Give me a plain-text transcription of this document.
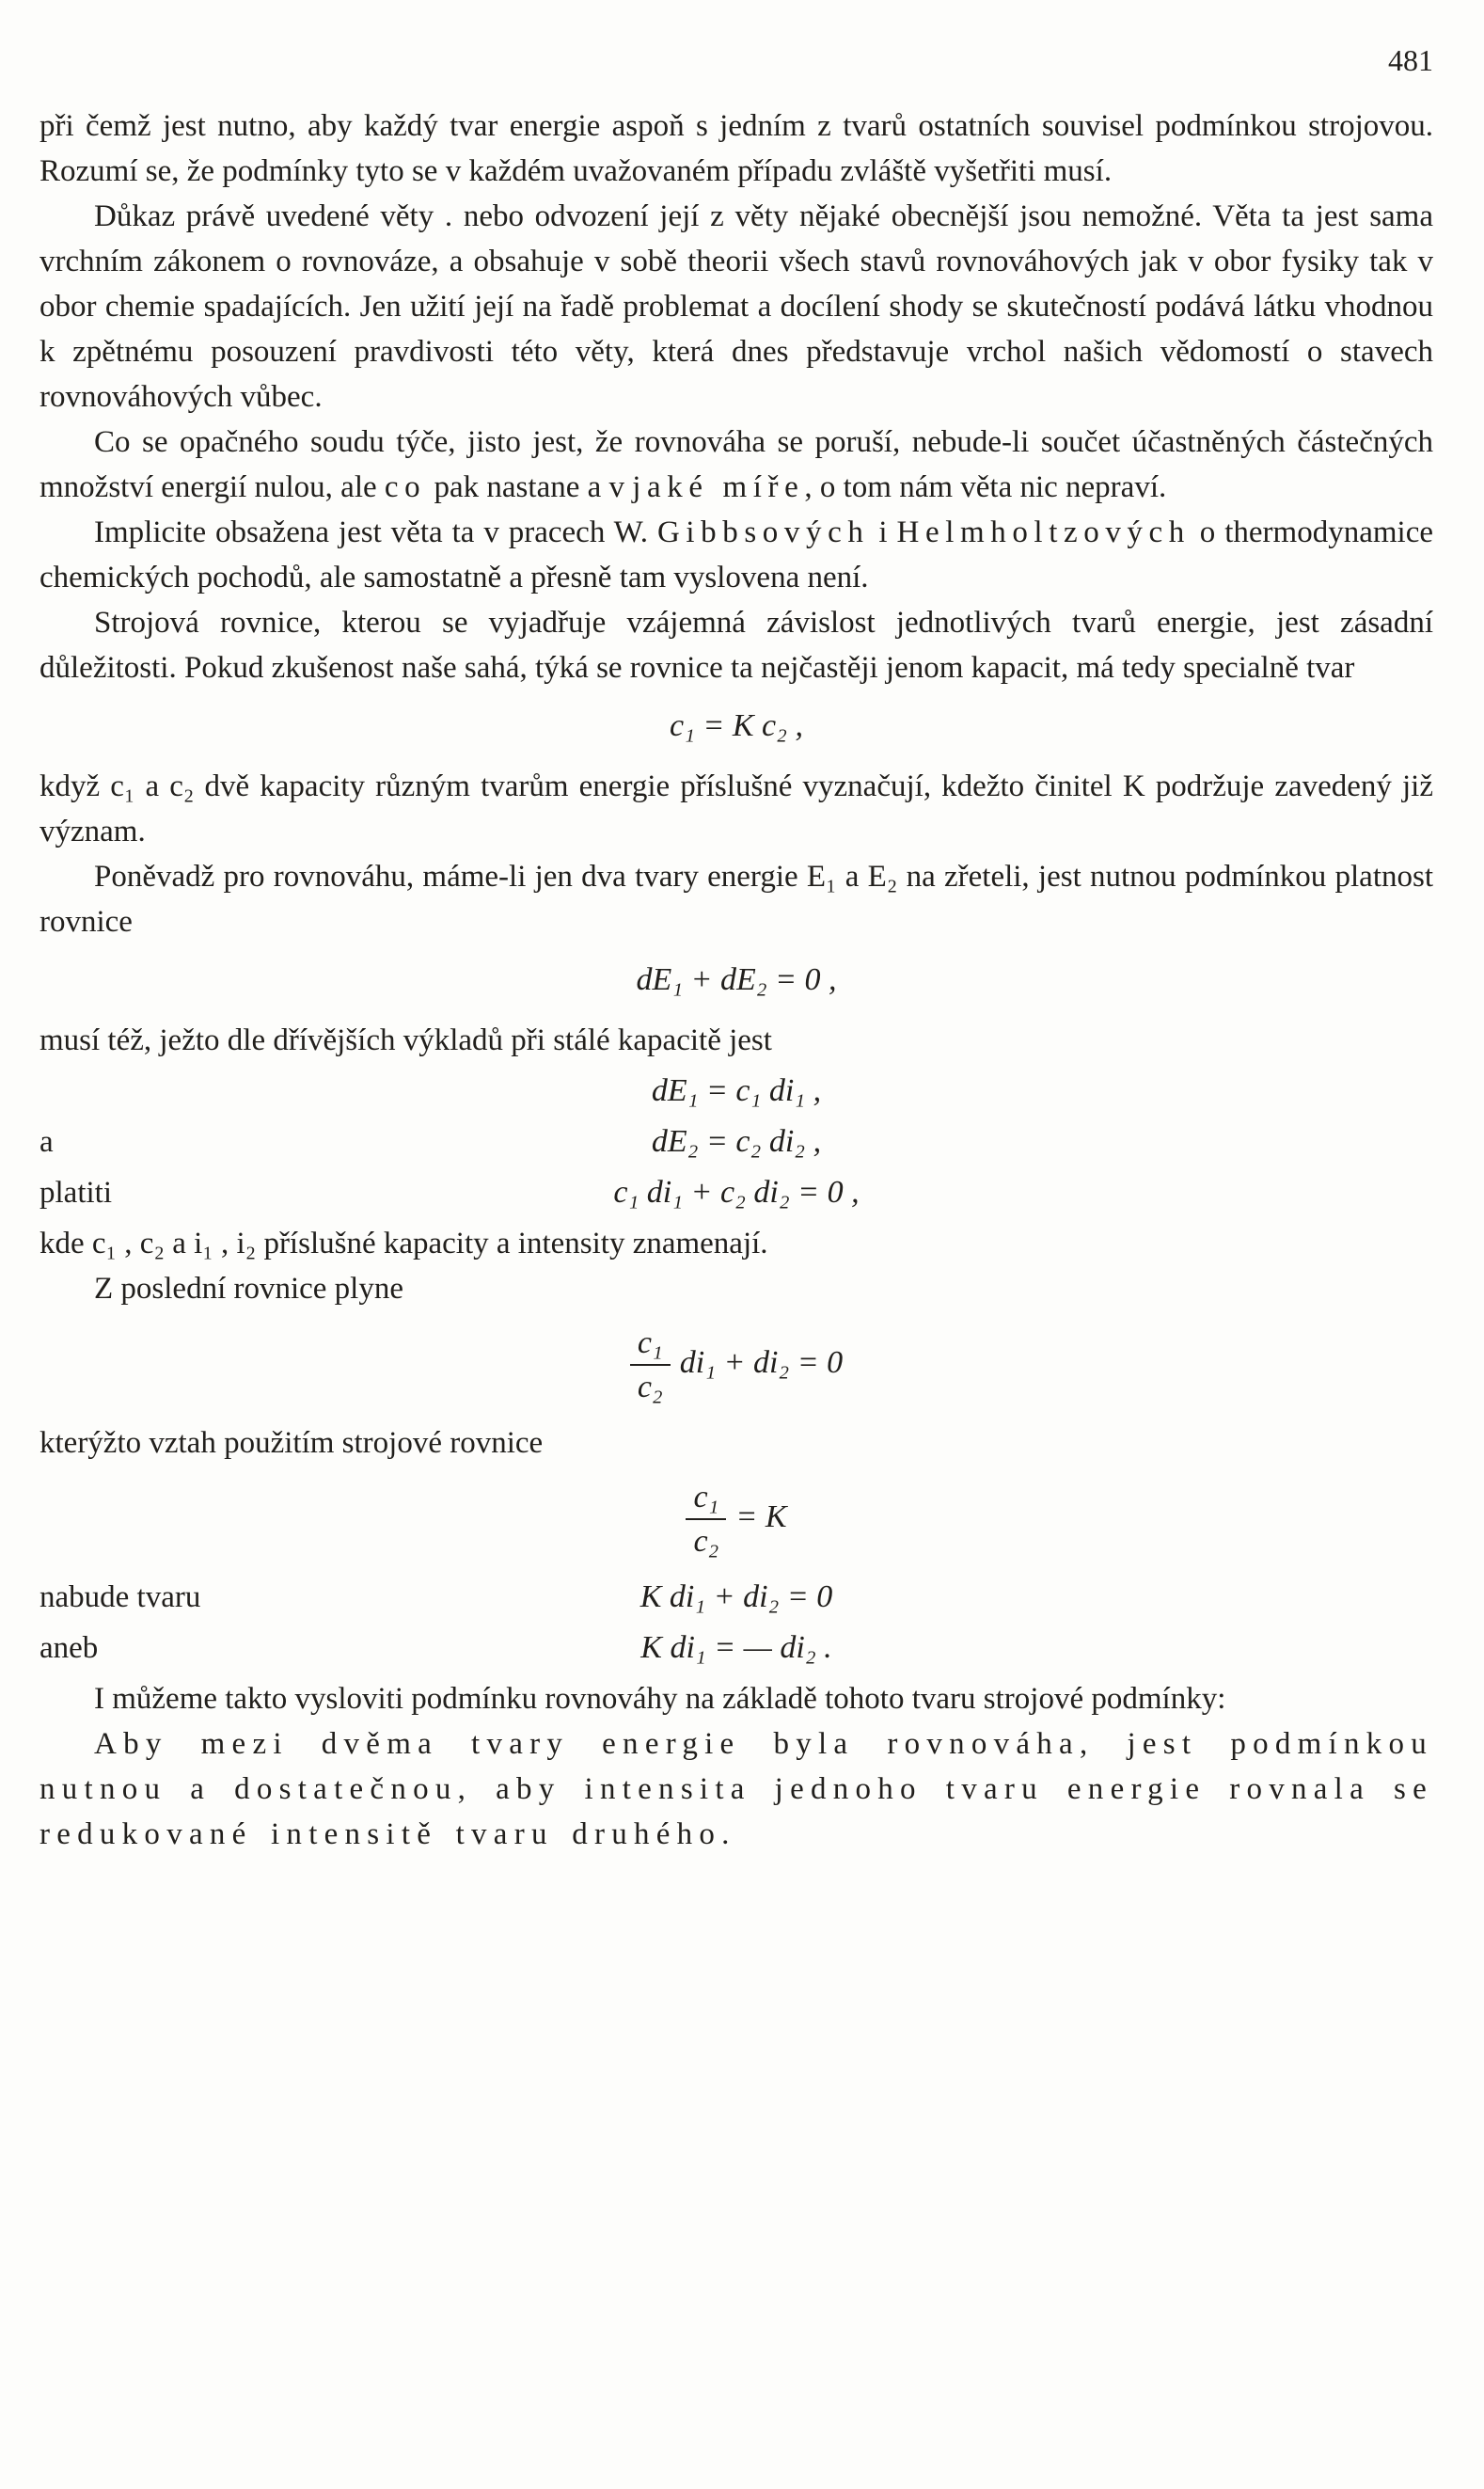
481

při čemž jest nutno, aby každý tvar energie aspoň s jedním z tvarů ostatních souvisel podmínkou strojovou. Rozumí se, že podmínky tyto se v každém uvažovaném případu zvláště vyšetřiti musí.

Důkaz právě uvedené věty . nebo odvození její z věty nějaké obecnější jsou nemožné. Věta ta jest sama vrchním zákonem o rovnováze, a obsahuje v sobě theorii všech stavů rovnováhových jak v obor fysiky tak v obor chemie spadajících. Jen užití její na řadě problemat a docílení shody se skutečností podává látku vhodnou k zpětnému posouzení pravdivosti této věty, která dnes představuje vrchol našich vědomostí o stavech rovnováhových vůbec.

Co se opačného soudu týče, jisto jest, že rovnováha se poruší, nebude-li součet účastněných částečných množství energií nulou, ale co pak nastane a v jaké míře, o tom nám věta nic nepraví.

Implicite obsažena jest věta ta v pracech W. Gibbsových i Helmholtzových o thermodynamice chemických pochodů, ale samostatně a přesně tam vyslovena není.

Strojová rovnice, kterou se vyjadřuje vzájemná závislost jednotlivých tvarů energie, jest zásadní důležitosti. Pokud zkušenost naše sahá, týká se rovnice ta nejčastěji jenom kapacit, má tedy specialně tvar

c₁ = K c₂ ,

když c₁ a c₂ dvě kapacity různým tvarům energie příslušné vyznačují, kdežto činitel K podržuje zavedený již význam.

Poněvadž pro rovnováhu, máme-li jen dva tvary energie E₁ a E₂ na zřeteli, jest nutnou podmínkou platnost rovnice

dE₁ + dE₂ = 0 ,

musí též, ježto dle dřívějších výkladů při stálé kapacitě jest

dE₁ = c₁ di₁ ,
a	dE₂ = c₂ di₂ ,
platiti	c₁ di₁ + c₂ di₂ = 0 ,

kde c₁ , c₂ a i₁ , i₂ příslušné kapacity a intensity znamenají.

Z poslední rovnice plyne

$\frac{\text{c₁}}{\text{c₂}} di_1 + di_2 = 0$

kterýžto vztah použitím strojové rovnice

$\frac{\text{c₁}}{\text{c₂}} = K$
nabude tvaru	K di₁ + di₂ = 0
aneb	K di₁ = — di₂ .

I můžeme takto vysloviti podmínku rovnováhy na základě tohoto tvaru strojové podmínky:

Aby mezi dvěma tvary energie byla rovnováha, jest podmínkou nutnou a dostatečnou, aby intensita jednoho tvaru energie rovnala se redukované intensitě tvaru druhého.
